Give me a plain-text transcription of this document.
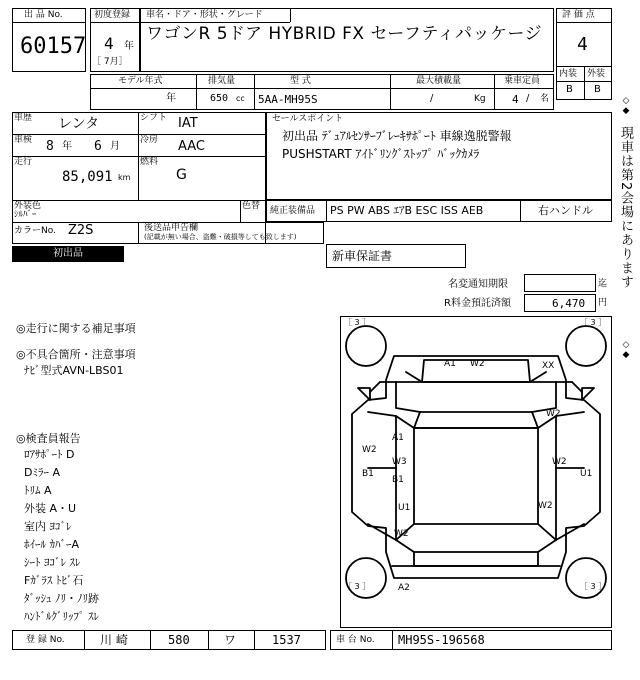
出 品 No.
60157
初度登録
4 年
［ 7月］
車名・ドア・形状・グレード
ワゴンR 5ドア HYBRID FX セーフティパッケージ
評 価 点
4
内装 外装
B B
モデル年式
年
排気量
650 cc
型 式
5AA-MH95S
最大積載量
/	Kg
乗車定員
4 / 名
車歴 レンタ	シフト IAT
車検 8 年 6 月
冷房 AAC
走行
85,091 km
燃料
G
外装色
ｼﾙﾊﾞｰ
色替
カラーNo. Z2S	後送品申告欄
(記載が無い場合、盗難・破損等しても致します)
セールスポイント
初出品 ﾃﾞｭｱﾙｾﾝｻｰﾌﾞﾚｰｷｻﾎﾟｰﾄ 車線逸脱警報
PUSHSTART ｱｲﾄﾞﾘﾝｸﾞｽﾄｯﾌﾟ ﾊﾞｯｸｶﾒﾗ
純正装備品 PS PW ABS ｴｱB ESC ISS AEB	右ハンドル
新車保証書
初出品
名変通知期限	迄
R料金預託済額	6,470 円
◇◆
現車は第2会場にあります
◇◆
◎走行に関する補足事項
◎不具合箇所・注意事項
ﾅﾋﾞ型式AVN-LBS01
◎検査員報告
ﾛｱｻﾎﾟｰﾄ D
Dﾐﾗｰ A
ﾄﾘﾑ A
外装 A・U
室内 ﾖｺﾞﾚ
ﾎｲｰﾙ ｶﾊﾞｰA
ｼｰﾄ ﾖｺﾞﾚ ｽﾚ
Fｶﾞﾗｽ ﾄﾋﾞ石
ﾀﾞｯｼｭ ﾉﾘ・ﾉﾘ跡
ﾊﾝﾄﾞﾙｸﾞﾘｯﾌﾟ ｽﾚ
［ 3 ］	［ 3 ］
［ 3 ］	［ 3 ］
A1 W2	XX
W2
A1
W2
W3	W2
B1
B1
U1
U1
W2
W2
A2
登 録 No.	川 崎	580	ワ	1537	車 台 No. MH95S-196568
